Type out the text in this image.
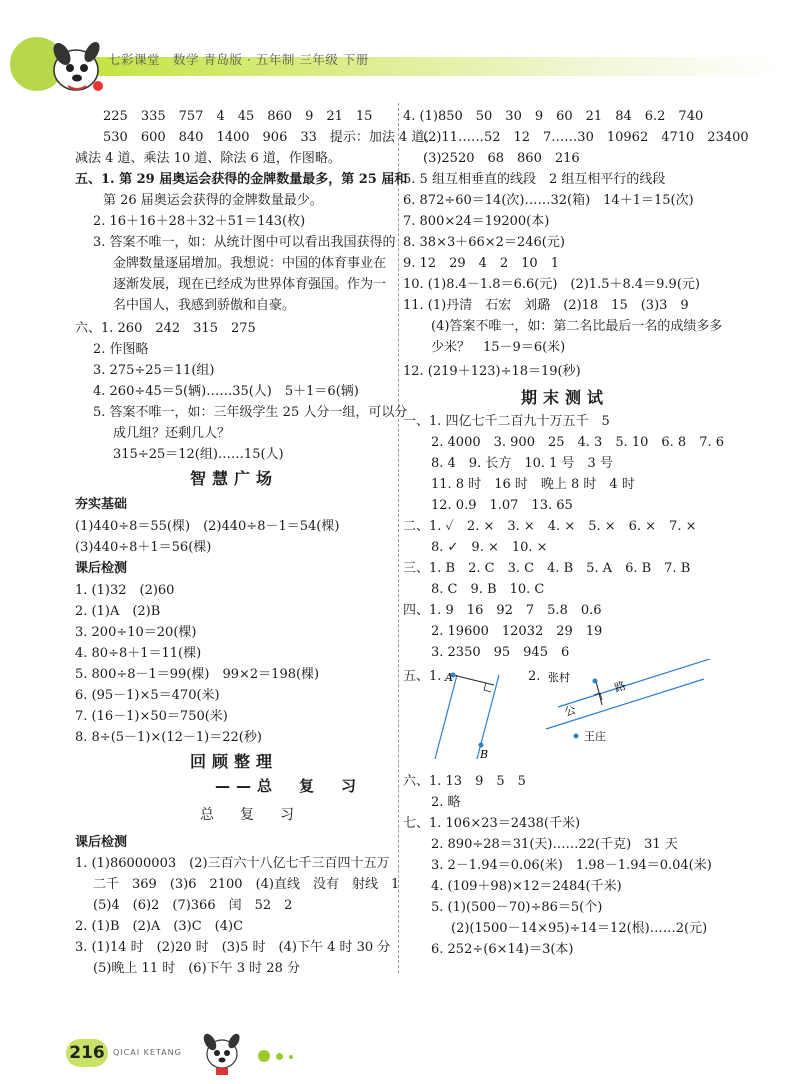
七彩课堂　数学 青岛版 · 五年制 三年级 下册
225　335　757　4　45　860　9　21　15
530　600　840　1400　906　33　提示：加法 4 道、
减法 4 道、乘法 10 道、除法 6 道，作图略。
五、1. 第 29 届奥运会获得的金牌数量最多，第 25 届和
第 26 届奥运会获得的金牌数量最少。
2. 16＋16＋28＋32＋51＝143(枚)
3. 答案不唯一，如：从统计图中可以看出我国获得的
金牌数量逐届增加。我想说：中国的体育事业在
逐渐发展，现在已经成为世界体育强国。作为一
名中国人，我感到骄傲和自豪。
六、1. 260　242　315　275
2. 作图略
3. 275÷25＝11(组)
4. 260÷45＝5(辆)……35(人)　5＋1＝6(辆)
5. 答案不唯一，如：三年级学生 25 人分一组，可以分
成几组？还剩几人？
315÷25＝12(组)……15(人)
智慧广场
夯实基础
(1)440÷8＝55(棵)　(2)440÷8－1＝54(棵)
(3)440÷8＋1＝56(棵)
课后检测
1. (1)32　(2)60
2. (1)A　(2)B
3. 200÷10＝20(棵)
4. 80÷8＋1＝11(棵)
5. 800÷8－1＝99(棵)　99×2＝198(棵)
6. (95－1)×5＝470(米)
7. (16－1)×50＝750(米)
8. 8÷(5－1)×(12－1)＝22(秒)
回顾整理
——总　复　习
总　复　习
课后检测
1. (1)86000003　(2)三百六十八亿七千三百四十五万
二千　369　(3)6　2100　(4)直线　没有　射线　1
(5)4　(6)2　(7)366　闰　52　2
2. (1)B　(2)A　(3)C　(4)C
3. (1)14 时　(2)20 时　(3)5 时　(4)下午 4 时 30 分
(5)晚上 11 时　(6)下午 3 时 28 分
4. (1)850　50　30　9　60　21　84　6.2　740
(2)11……52　12　7……30　10962　4710　23400
(3)2520　68　860　216
5. 5 组互相垂直的线段　2 组互相平行的线段
6. 872÷60＝14(次)……32(箱)　14＋1＝15(次)
7. 800×24＝19200(本)
8. 38×3＋66×2＝246(元)
9. 12　29　4　2　10　1
10. (1)8.4－1.8＝6.6(元)　(2)1.5＋8.4＝9.9(元)
11. (1)丹清　石宏　刘璐　(2)18　15　(3)3　9
(4)答案不唯一，如：第二名比最后一名的成绩多多
少米？　15－9＝6(米)
12. (219＋123)÷18＝19(秒)
期末测试
一、1. 四亿七千二百九十万五千　5
2. 4000　3. 900　25　4. 3　5. 10　6. 8　7. 6
8. 4　9. 长方　10. 1 号　3 号
11. 8 时　16 时　晚上 8 时　4 时
12. 0.9　1.07　13. 65
二、1. ✓　2. ×　3. ×　4. ×　5. ×　6. ×　7. ×
8. ✓　9. ×　10. ×
三、1. B　2. C　3. C　4. B　5. A　6. B　7. B
8. C　9. B　10. C
四、1. 9　16　92　7　5.8　0.6
2. 19600　12032　29　19
3. 2350　95　945　6
五、1.	2.
A
B
张村
路
公
王庄
六、1. 13　9　5　5
2. 略
七、1. 106×23＝2438(千米)
2. 890÷28＝31(天)……22(千克)　31 天
3. 2－1.94＝0.06(米)　1.98－1.94＝0.04(米)
4. (109＋98)×12＝2484(千米)
5. (1)(500－70)÷86＝5(个)
(2)(1500－14×95)÷14＝12(根)……2(元)
6. 252÷(6×14)＝3(本)
216	QICAI KETANG
